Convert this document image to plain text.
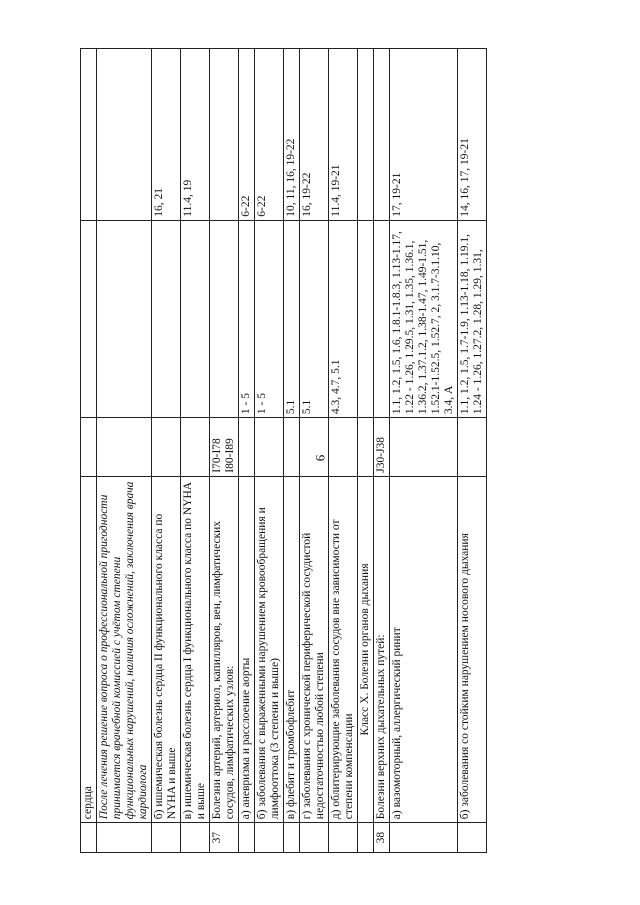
9
	сердца			
	После лечения решение вопроса о профессиональной пригодности принимается врачебной комиссией с учётом степени функциональных нарушений, наличия осложнений, заключения врача кардиолога			
	б) ишемическая болезнь сердца II функционального класса по NYHA и выше			16, 21
	в) ишемическая болезнь сердца I функционального класса по NYHA и выше			11.4, 19
37	Болезни артерий, артериол, капилляров, вен, лимфатических сосудов, лимфатических узлов:	I70-I78 I80-I89		
	а) аневризма и расслоение аорты		1 - 5	6-22
	б) заболевания с выраженными нарушением кровообращения и лимфооттока (3 степени и выше)		1 - 5	6-22
	в) флебит и тромбофлебит		5.1	10, 11, 16, 19-22
	г) заболевания с хронической периферической сосудистой недостаточностью любой степени		5.1	16, 19-22
	д) облитерирующие заболевания сосудов вне зависимости от степени компенсации		4.3, 4.7, 5.1	11.4, 19-21
	Класс X. Болезни органов дыхания			
38	Болезни верхних дыхательных путей:	J30-J38		
	а) вазомоторный, аллергический ринит		1.1, 1.2, 1.5, 1.6, 1.8.1-1.8.3, 1.13-1.17, 1.22 - 1.26, 1.29.5, 1.31, 1.35, 1.36.1, 1.36.2, 1.37.1.2, 1.38-1.47, 1.49-1.51, 1.52.1-1.52.5, 1.52.7, 2, 3.1.7-3.1.10, 3.4, А	17, 19-21
	б) заболевания со стойким нарушением носового дыхания		1.1, 1.2, 1.5, 1.7-1.9, 1.13-1.18, 1.19.1, 1.24 - 1.26, 1.27.2, 1.28, 1.29, 1.31,	14, 16, 17, 19-21
